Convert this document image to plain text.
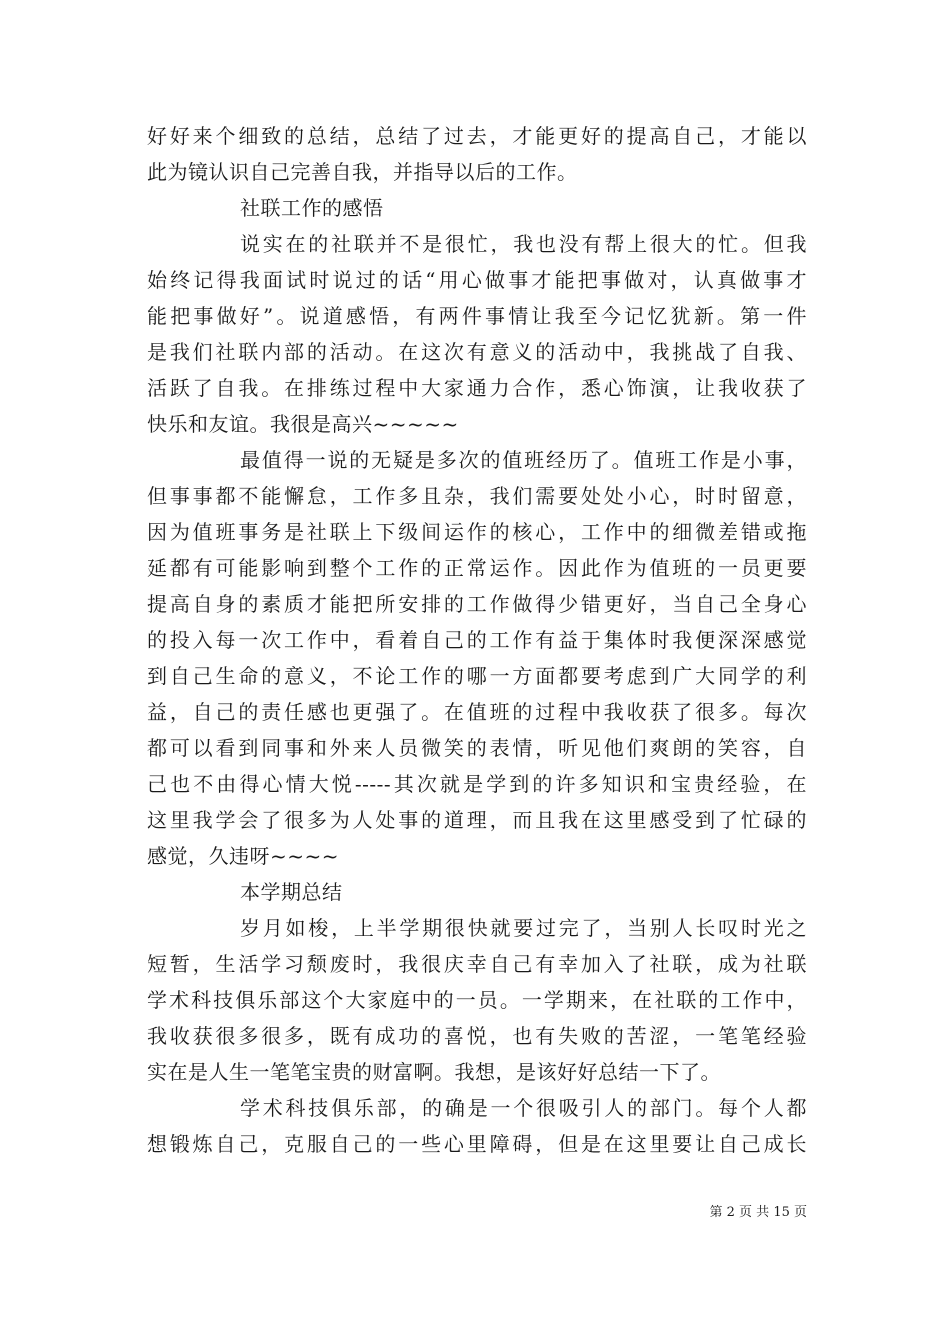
好好来个细致的总结，总结了过去，才能更好的提高自己，才能以
此为镜认识自己完善自我，并指导以后的工作。
社联工作的感悟
说实在的社联并不是很忙，我也没有帮上很大的忙。但我
始终记得我面试时说过的话“用心做事才能把事做对，认真做事才
能把事做好”。说道感悟，有两件事情让我至今记忆犹新。第一件
是我们社联内部的活动。在这次有意义的活动中，我挑战了自我、
活跃了自我。在排练过程中大家通力合作，悉心饰演，让我收获了
快乐和友谊。我很是高兴~~~~~
最值得一说的无疑是多次的值班经历了。值班工作是小事，
但事事都不能懈怠，工作多且杂，我们需要处处小心，时时留意，
因为值班事务是社联上下级间运作的核心，工作中的细微差错或拖
延都有可能影响到整个工作的正常运作。因此作为值班的一员更要
提高自身的素质才能把所安排的工作做得少错更好，当自己全身心
的投入每一次工作中，看着自己的工作有益于集体时我便深深感觉
到自己生命的意义，不论工作的哪一方面都要考虑到广大同学的利
益，自己的责任感也更强了。在值班的过程中我收获了很多。每次
都可以看到同事和外来人员微笑的表情，听见他们爽朗的笑容，自
己也不由得心情大悦-----其次就是学到的许多知识和宝贵经验，在
这里我学会了很多为人处事的道理，而且我在这里感受到了忙碌的
感觉，久违呀~~~~
本学期总结
岁月如梭，上半学期很快就要过完了，当别人长叹时光之
短暂，生活学习颓废时，我很庆幸自己有幸加入了社联，成为社联
学术科技俱乐部这个大家庭中的一员。一学期来，在社联的工作中，
我收获很多很多，既有成功的喜悦，也有失败的苦涩，一笔笔经验
实在是人生一笔笔宝贵的财富啊。我想，是该好好总结一下了。
学术科技俱乐部，的确是一个很吸引人的部门。每个人都
想锻炼自己，克服自己的一些心里障碍，但是在这里要让自己成长
第 2 页 共 15 页
